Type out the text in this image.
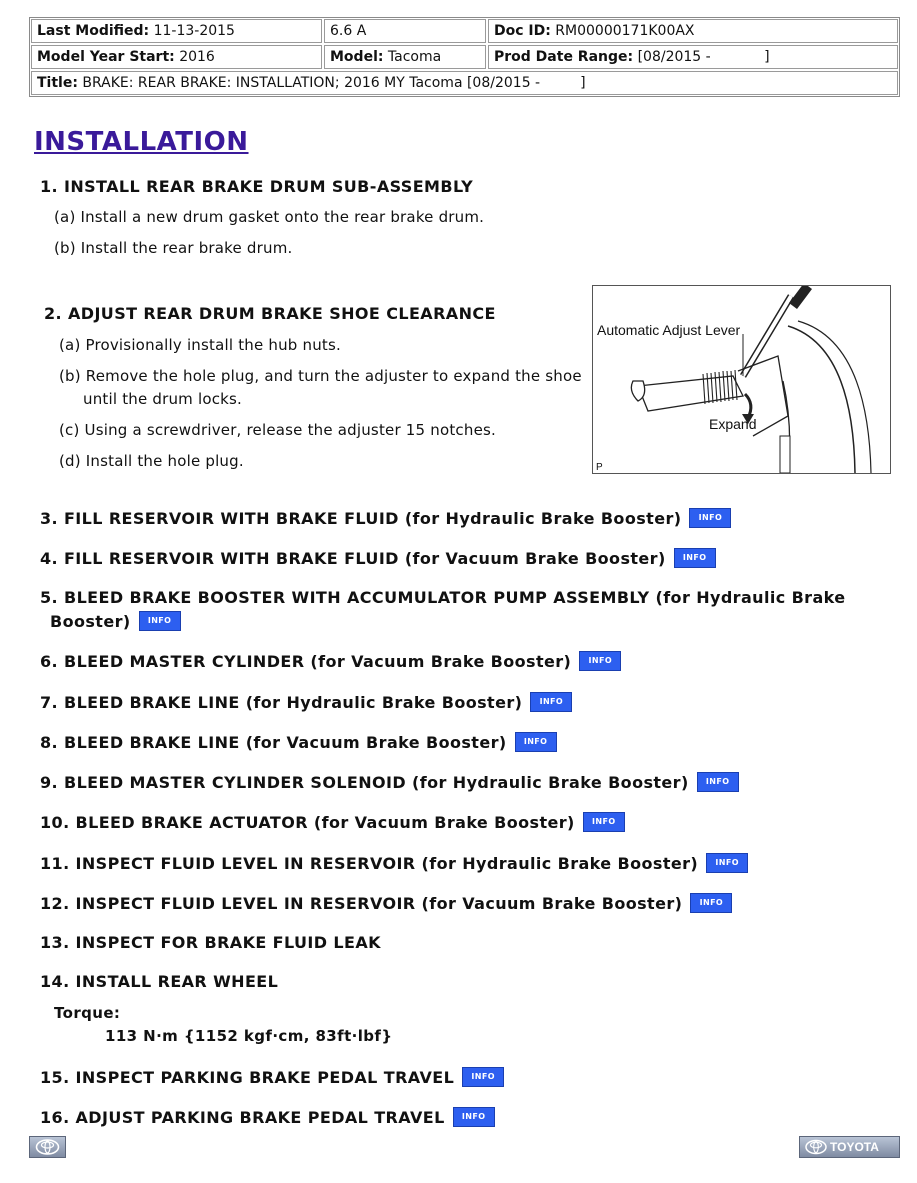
Last Modified: 11-13-2015	6.6 A	Doc ID: RM00000171K00AX
Model Year Start: 2016	Model: Tacoma	Prod Date Range: [08/2015 -            ]
Title: BRAKE: REAR BRAKE: INSTALLATION; 2016 MY Tacoma [08/2015 -         ]
INSTALLATION
1. INSTALL REAR BRAKE DRUM SUB-ASSEMBLY
(a) Install a new drum gasket onto the rear brake drum.
(b) Install the rear brake drum.
2. ADJUST REAR DRUM BRAKE SHOE CLEARANCE
(a) Provisionally install the hub nuts.
(b) Remove the hole plug, and turn the adjuster to expand the shoe
until the drum locks.
(c) Using a screwdriver, release the adjuster 15 notches.
(d) Install the hole plug.
Automatic Adjust Lever
Expand
P
3. FILL RESERVOIR WITH BRAKE FLUID (for Hydraulic Brake Booster) INFO
4. FILL RESERVOIR WITH BRAKE FLUID (for Vacuum Brake Booster) INFO
5. BLEED BRAKE BOOSTER WITH ACCUMULATOR PUMP ASSEMBLY (for Hydraulic Brake
Booster) INFO
6. BLEED MASTER CYLINDER (for Vacuum Brake Booster) INFO
7. BLEED BRAKE LINE (for Hydraulic Brake Booster) INFO
8. BLEED BRAKE LINE (for Vacuum Brake Booster) INFO
9. BLEED MASTER CYLINDER SOLENOID (for Hydraulic Brake Booster) INFO
10. BLEED BRAKE ACTUATOR (for Vacuum Brake Booster) INFO
11. INSPECT FLUID LEVEL IN RESERVOIR (for Hydraulic Brake Booster) INFO
12. INSPECT FLUID LEVEL IN RESERVOIR (for Vacuum Brake Booster) INFO
13. INSPECT FOR BRAKE FLUID LEAK
14. INSTALL REAR WHEEL
Torque:
113 N·m {1152 kgf·cm, 83ft·lbf}
15. INSPECT PARKING BRAKE PEDAL TRAVEL INFO
16. ADJUST PARKING BRAKE PEDAL TRAVEL INFO
TOYOTA
